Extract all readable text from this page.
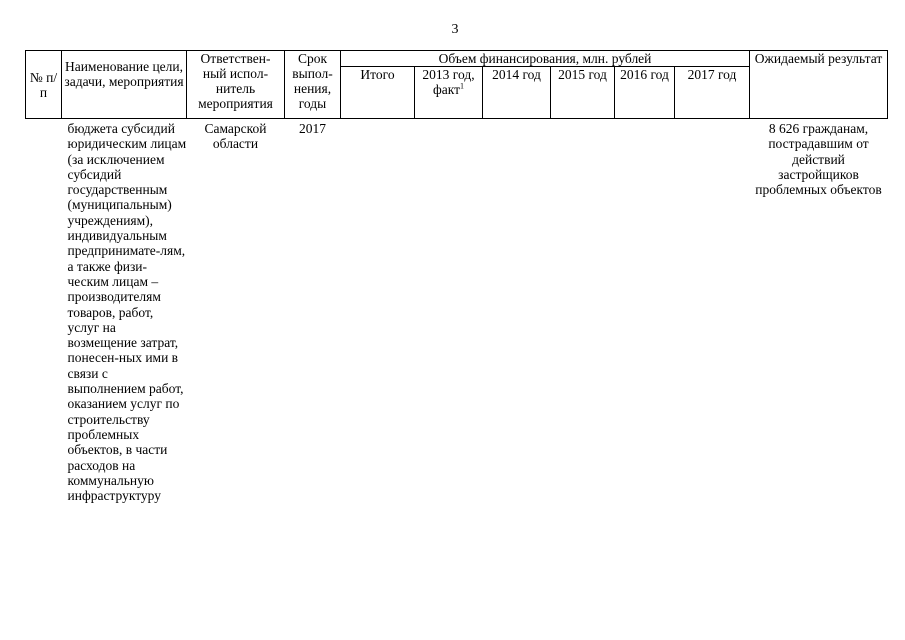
3
№ п/п	Наименование цели, задачи, мероприятия	Ответствен-ный испол-нитель мероприятия	Срок выпол-нения, годы	Объем финансирования, млн. рублей						Ожидаемый результат
				Итого	2013 год, факт$^1$	2014 год	2015 год	2016 год	2017 год	
	бюджета субсидий юридическим лицам (за исключением субсидий государственным (муниципальным) учреждениям), индивидуальным предпринимате-лям, а также физи-ческим лицам – производителям товаров, работ, услуг на возмещение затрат, понесен-ных ими в связи с выполнением работ, оказанием услуг по строительству проблемных объектов, в части расходов на коммунальную инфраструктуру	Самарской области	2017							8 626 гражданам, пострадавшим от действий застройщиков проблемных объектов
